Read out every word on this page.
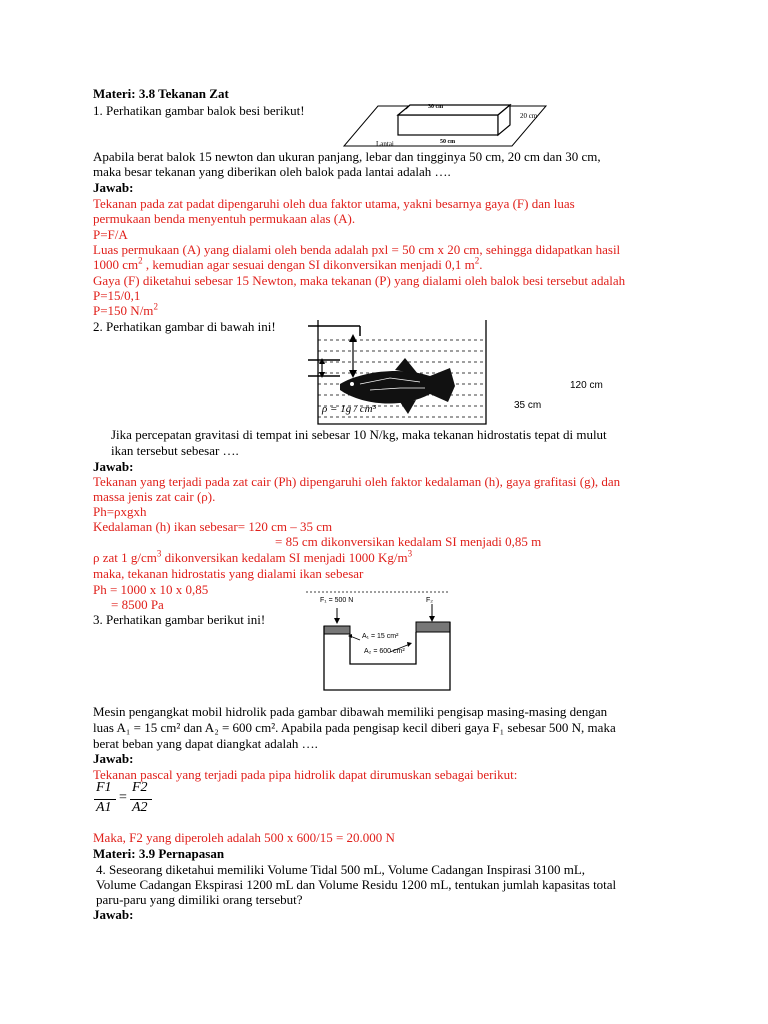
Materi: 3.8 Tekanan Zat
1. Perhatikan gambar balok besi berikut!	30 cm
20 cm
50 cm
Lantai
Apabila berat balok 15 newton dan ukuran panjang, lebar dan tingginya 50 cm, 20 cm dan 30 cm,
maka besar tekanan yang diberikan oleh balok pada lantai adalah ….
Jawab:
Tekanan pada zat padat dipengaruhi oleh dua faktor utama, yakni besarnya gaya (F) dan luas
permukaan benda menyentuh permukaan alas (A).
P=F/A
Luas permukaan (A) yang dialami oleh benda adalah pxl = 50 cm x 20 cm, sehingga didapatkan hasil
1000 $cm^2$ , kemudian agar sesuai dengan SI dikonversikan menjadi 0,1 $m^2$.
Gaya (F) diketahui sebesar 15 Newton, maka tekanan (P) yang dialami oleh balok besi tersebut adalah
P=15/0,1
P=150 $N/m^2$
2. Perhatikan gambar di bawah ini!
ρ = 1g / cm³
120 cm
35 cm
Jika percepatan gravitasi di tempat ini sebesar 10 N/kg, maka tekanan hidrostatis tepat di mulut
ikan tersebut sebesar ….
Jawab:
Tekanan yang terjadi pada zat cair (Ph) dipengaruhi oleh faktor kedalaman (h), gaya grafitasi (g), dan
massa jenis zat cair (ρ).
Ph=ρxgxh
Kedalaman (h) ikan sebesar= 120 cm – 35 cm
= 85 cm dikonversikan kedalam SI menjadi 0,85 m
ρ zat 1 $g/cm^3$ dikonversikan kedalam SI menjadi 1000 $Kg/m^3$
maka, tekanan hidrostatis yang dialami ikan sebesar
Ph = 1000 x 10 x 0,85
= 8500 Pa
3. Perhatikan gambar berikut ini!
F₁ = 500 N	F₂
A₁ = 15 cm²
A₂ = 600 cm²
Mesin pengangkat mobil hidrolik pada gambar dibawah memiliki pengisap masing-masing dengan
luas A₁ = 15 cm² dan A₂ = 600 cm². Apabila pada pengisap kecil diberi gaya F₁ sebesar 500 N, maka
berat beban yang dapat diangkat adalah ….
Jawab:
Tekanan pascal yang terjadi pada pipa hidrolik dapat dirumuskan sebagai berikut:
F1
A1
=
F2
A2
Maka, F2 yang diperoleh adalah 500 x 600/15 = 20.000 N
Materi: 3.9 Pernapasan
4. Seseorang diketahui memiliki Volume Tidal 500 mL, Volume Cadangan Inspirasi 3100 mL,
Volume Cadangan Ekspirasi 1200 mL dan Volume Residu 1200 mL, tentukan jumlah kapasitas total
paru-paru yang dimiliki orang tersebut?
Jawab:
